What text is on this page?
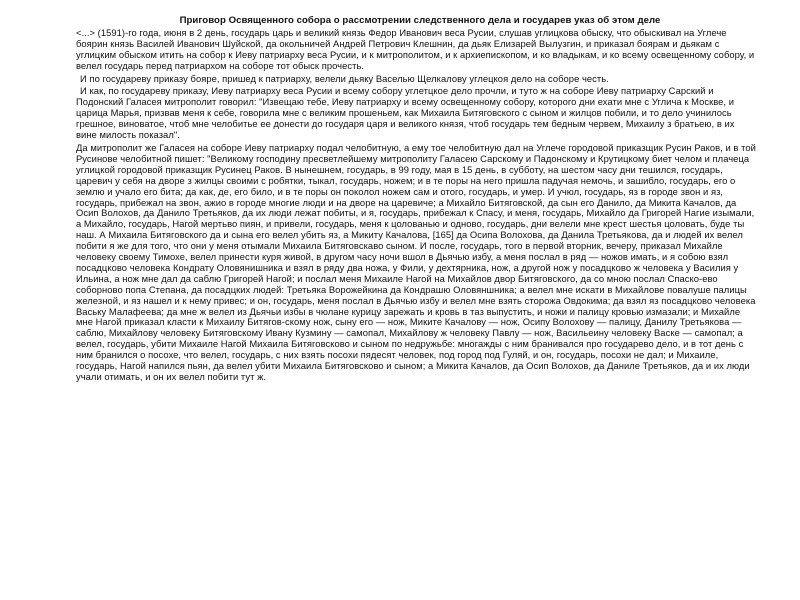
Приговор Освященного собора о рассмотрении следственного дела и государев указ об этом деле

<...> (1591)-го года, июня в 2 день, государь царь и великий князь Федор Иванович веса Русии, слушав углицкова обыску, что обыскивал на Углече боярин князь Василей Иванович Шуйской, да окольничей Андрей Петрович Клешнин, да дьяк Елизарей Вылузгин, и приказал боярам и дьякам с углицким обыском итить на собор к Иеву патриарху веса Русии, и к митрополитом, и к архиепископом, и ко владыкам, и ко всему освещенному собору, и велел государь перед патриархом на соборе тот обыск прочесть.

И по государеву приказу бояре, пришед к патриарху, велели дьяку Васелью Щелкалову углецкоя дело на соборе честь.

И как, по государеву приказу, Иеву патриарху веса Русии и всему собору углетцкое дело прочли, и туто ж на соборе Иеву патриарху Сарский и Подонский Галасея митрополит говорил: "Извещаю тебе, Иеву патриарху и всему освещенному собору, которого дни ехати мне с Углича к Москве, и царица Марья, призвав меня к себе, говорила мне с великим прошеньем, как Михаила Битяговского с сыном и жилцов побили, и то дело учинилось грешное, виноватое, чтоб мне челобитье ее донести до государя царя и великого князя, чтоб государь тем бедным червем, Михаилу з братьею, в их вине милость показал".

Да митрополит же Галасея на соборе Иеву патриарху подал челобитную, а ему тое челобитную дал на Углече городовой приказщик Русин Раков, и в той Русинове челобитной пишет: "Великому господину пресветлейшему митрополиту Галасею Сарскому и Падонскому и Крутицкому биет челом и плачеца углицкой городовой приказщик Русинец Раков. В нынешнем, государь, в 99 году, мая в 15 день, в субботу, на шестом часу дни тешился, государь, царевич у себя на дворе з жилцы своими с робятки, тыкал, государь, ножем; и в те поры на него пришла падучая немочь, и зашибло, государь, его о землю и учало его бита; да как, де, его било, и в те поры он поколол ножем сам и отого, государь, и умер. И учюл, государь, яз в городе звон и яз, государь, прибежал на звон, ажио в городе многие люди и на дворе на царевиче; а Михайло Битяговской, да сын его Данило, да Микита Качалов, да Осип Волохов, да Данило Третьяков, да их люди лежат побиты, и я, государь, прибежал к Спасу, и меня, государь, Михайло да Григорей Нагие изымали, а Михайло, государь, Нагой мертьво пиян, и привели, государь, меня к цолованью и одново, государь, дни велели мне крест шестья цоловать, буде ты наш. А Михаила Битяговского да и сына его велел убить яз, а Микиту Качалова, [165] да Осипа Волохова, да Данила Третьякова, да и людей их велел побити я же для того, что они у меня отымали Михаила Битяговскаво сыном. И после, государь, того в первой вторник, вечеру, приказал Михайле человеку своему Тимохе, велел принести куря живой, в другом часу ночи вшол в Дьячью избу, а меня послал в ряд — ножов имать, и я собою взял посадцково человека Кондрату Оловянишника и взял в ряду два ножа, у Фили, у дехтярника, нож, а другой нож у посадцково ж человека у Василия у Ильина, а нож мне дал да саблю Григорей Нагой; и послал меня Михаиле Нагой на Михайлов двор Битяговского, да со мною послал Спаско-ево соборново попа Степана, да посадцких людей: Третьяка Ворожейкина да Кондрашю Оловяншника; а велел мне искати в Михайлове повалуше палицы железной, и яз нашел и к нему привес; и он, государь, меня послал в Дьячью избу и велел мне взять сторожа Овдокима; да взял яз посадцково человека Ваську Малафеева; да мне ж велел из Дьячьи избы в чюлане курицу зарежать и кровь в таз выпустить, и ножи и палицу кровью измазали; и Михайле мне Нагой приказал класти к Михаилу Битягов-скому нож, сыну его — нож, Микитe Качалову — нож, Осипу Волохову — палицу, Данилу Третьякова — саблю, Михайлову человеку Битяговскому Ивану Кузмину — самопал, Михайлову ж человеку Павлу — нож, Васильеину человеку Васке — самопал; а велел, государь, убити Михаиле Нагой Михаила Битяговсково и сыном по недружьбе: многажды с ним бранивался про государево дело, и в тот день с ним бранился о посохе, что велел, государь, с них взять посохи пядесят человек, под город под Гуляй, и он, государь, посохи не дал; и Михаиле, государь, Нагой напился пьян, да велел убити Михаила Битяговсково и сыном; а Микита Качалов, да Осип Волохов, да Даниле Третьяков, да и их люди учали отимать, и он их велел побити тут ж.
